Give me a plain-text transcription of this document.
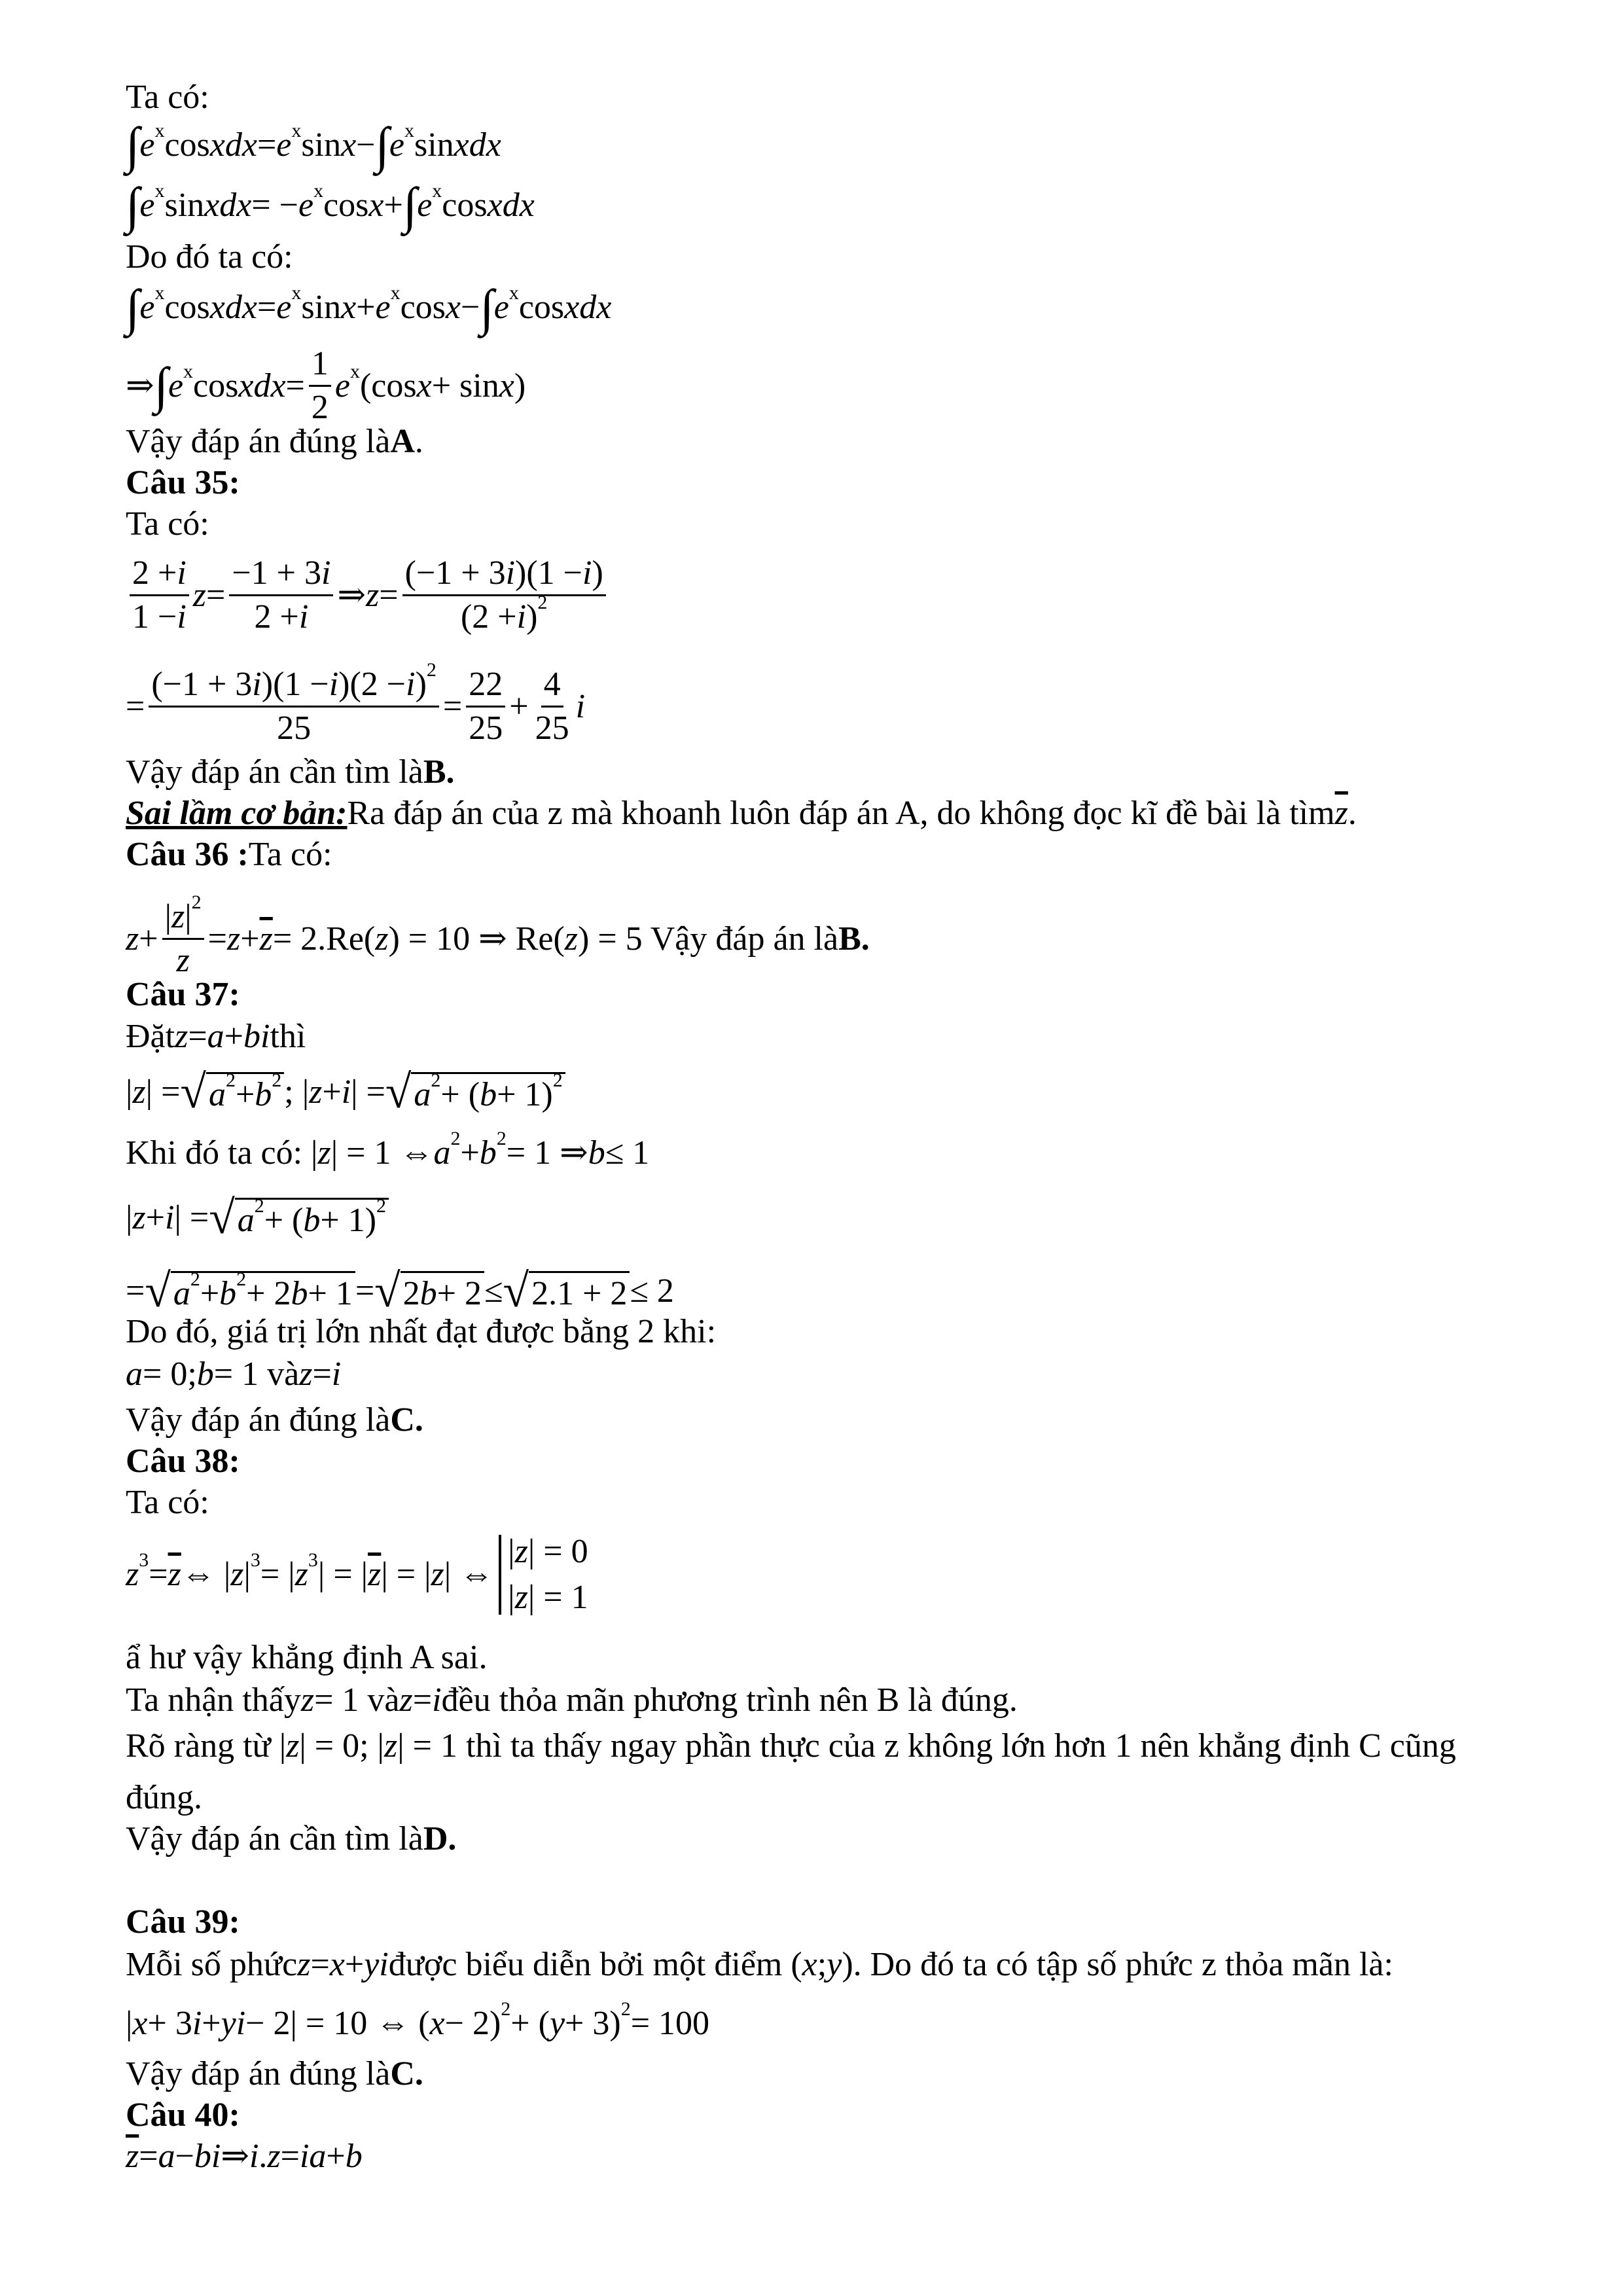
Ta có:
∫ e x cos xdx = e x sin x − ∫ e x sin xdx
∫ e x sin xdx = − e x cos x + ∫ e x cos xdx
Do đó ta có:
∫ e x cos xdx = e x sin x + e x cos x − ∫ e x cos xdx
⇒ ∫ e x cos xdx = $\frac{1}{2}$ e x (cos x + sin x )
Vậy đáp án đúng là A .
Câu 35:
Ta có:
$\frac{2 + i}{1 - i}$ $z = \frac{-1 + 3 i}{2 + i}$ ⇒ $z = \frac{(-1 + 3 i )(1 - i )}{(2 + i ) 2}$
= $\frac{(-1 + 3 i )(1 - i )(2 - i ) 2}{25} = \frac{22}{25} + \frac{4}{25}$ i
Vậy đáp án cần tìm là B.
Sai lầm cơ bản: Ra đáp án của z mà khoanh luôn đáp án A, do không đọc kĩ đề bài là tìm $\overline{z}$ .
Câu 36 : Ta có:
$z + \frac{| z | 2}{z} = z + \overline{z} = 2.Re$( z ) = 10 ⇒ Re( z ) = 5 Vậy đáp án là B.
Câu 37:
Đặt z = a + bi thì
| z | = √ a 2 + b 2 ; | z + i | = √ a 2 + ( b + 1) 2
Khi đó ta có: | z | = 1 ⇔ a 2 + b 2 = 1 ⇒ b ≤ 1
| z + i | = √ a 2 + ( b + 1) 2
= √ a 2 + b 2 + 2 b + 1 = √ 2 b + 2 ≤ √ 2.1 + 2 ≤ 2
Do đó, giá trị lớn nhất đạt được bằng 2 khi:
a = 0; b = 1 và z = i
Vậy đáp án đúng là C.
Câu 38:
Ta có:
z $3 = \overline{z}$ ⇔ | z | 3 = | z 3 | = | $\overline{z}$ | = | z | ⇔
| z | = 0
| z | = 1
ẩ hư vậy khẳng định A sai.
Ta nhận thấy z = 1 và z = i đều thỏa mãn phương trình nên B là đúng.
Rõ ràng từ | z | = 0; | z | = 1 thì ta thấy ngay phần thực của z không lớn hơn 1 nên khẳng định C cũng
đúng.
Vậy đáp án cần tìm là D.
Câu 39:
Mỗi số phức z = x + yi được biểu diễn bởi một điểm ( x ; y ). Do đó ta có tập số phức z thỏa mãn là:
| x + 3 i + yi − 2| = 10 ⇔ ( x − 2) 2 + ( y + 3) 2 = 100
Vậy đáp án đúng là C.
Câu 40:
$\overline{z} = a$ − bi ⇒ i . z = ia + b
